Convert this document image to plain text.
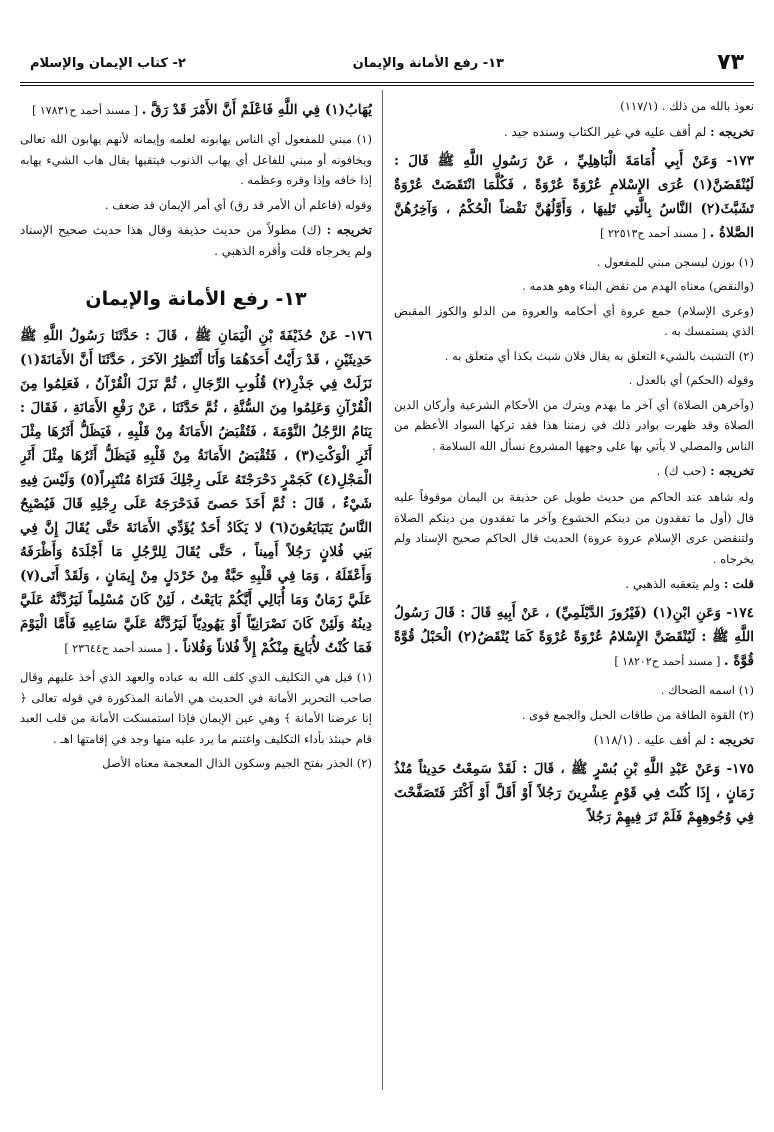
٧٣
١٣- رفع الأمانة والإيمان
٢- كتاب الإيمان والإسلام

نعوذ بالله من ذلك . (١١٧/١)

تخريجه : لم أقف عليه في غير الكتاب وسنده جيد .

١٧٣- وَعَنْ أَبِي أُمَامَةَ الْبَاهِلِيِّ ، عَنْ رَسُولِ اللَّهِ ﷺ قَالَ : لَيُنْقَضَنَّ(١) عُرَى الإِسْلامِ عُرْوَةً عُرْوَةً ، فَكُلَّمَا انْتَقَضَتْ عُرْوَةٌ تَشَبَّثَ(٢) النَّاسُ بِالَّتِي تَلِيهَا ، وَأَوَّلُهُنَّ نَقْضاً الْحُكْمُ ، وَآخِرُهُنَّ الصَّلاةُ . [ مسند أحمد ح٢٢٥١٣ ]

(١) بوزن ليسجن مبني للمفعول .

(والنقض) معناه الهدم من نقض البناء وهو هدمه .

(وعرى الإسلام) جمع عروة أي أحكامه والعروة من الدلو والكوز المقبض الذي يستمسك به .

(٢) التشبث بالشيء التعلق به يقال فلان شبث بكذا أي متعلق به .

وقوله (الحكم) أي بالعدل .

(وآخرهن الصلاة) أي آخر ما يهدم ويترك من الأحكام الشرعية وأركان الدين الصلاة وقد ظهرت بوادر ذلك في زمننا هذا فقد تركها السواد الأعظم من الناس والمصلي لا يأتي بها على وجهها المشروع نسأل الله السلامة .

تخريجه : (حب ك) .

وله شاهد عند الحاكم من حديث طويل عن حذيفة بن اليمان موقوفاً عليه قال (أول ما تفقدون من دينكم الخشوع وآخر ما تفقدون من دينكم الصلاة ولتنقضن عرى الإسلام عروة عروة) الحديث قال الحاكم صحيح الإسناد ولم يخرجاه .

قلت : ولم يتعقبه الذهبي .

١٧٤- وَعَنِ ابْنِ(١) (فَيْرُوزَ الدَّيْلَمِيِّ) ، عَنْ أَبِيهِ قَالَ : قَالَ رَسُولُ اللَّهِ ﷺ : لَيُنْقَضَنَّ الإِسْلامُ عُرْوَةً عُرْوَةً كَمَا يُنْقَضُ(٢) الْحَبْلُ قُوَّةً قُوَّةً . [ مسند أحمد ح١٨٢٠٢ ]

(١) اسمه الضحاك .

(٢) القوة الطاقة من طاقات الحبل والجمع قوى .

تخريجه : لم أقف عليه . (١١٨/١)

١٧٥- وَعَنْ عَبْدِ اللَّهِ بْنِ بُسْرٍ ﷺ ، قَالَ : لَقَدْ سَمِعْتُ حَدِيثاً مُنْذُ زَمَانٍ ، إِذَا كُنْتَ فِي قَوْمٍ عِشْرِينَ رَجُلاً أَوْ أَقَلَّ أَوْ أَكْثَرَ فَتَصَفَّحْتَ فِي وُجُوهِهِمْ فَلَمْ تَرَ فِيهِمْ رَجُلاً

يُهَابُ(١) فِي اللَّهِ فَاعْلَمْ أَنَّ الأَمْرَ قَدْ رَقَّ . [ مسند أحمد ح١٧٨٣١ ]

(١) مبني للمفعول أي الناس يهابونه لعلمه وإيمانه لأنهم يهابون الله تعالى ويخافونه أو مبني للفاعل أي يهاب الذنوب فيتقيها يقال هاب الشيء يهابه إذا خافه وإذا وقره وعظمه .

وقوله (فاعلم أن الأمر قد رق) أي أمر الإيمان قد ضعف .

تخريجه : (ك) مطولاً من حديث حذيفة وقال هذا حديث صحيح الإسناد ولم يخرجاه قلت وأقره الذهبي .

١٣- رفع الأمانة والإيمان

١٧٦- عَنْ حُذَيْفَةَ بْنِ الْيَمَانِ ﷺ ، قَالَ : حَدَّثَنَا رَسُولُ اللَّهِ ﷺ حَدِيثَيْنِ ، قَدْ رَأَيْتُ أَحَدَهُمَا وَأَنَا أَنْتَظِرُ الآخَرَ ، حَدَّثَنَا أَنَّ الأَمَانَةَ(١) نَزَلَتْ فِي جَذْرِ(٢) قُلُوبِ الرِّجَالِ ، ثُمَّ نَزَلَ الْقُرْآنُ ، فَعَلِمُوا مِنَ الْقُرْآنِ وَعَلِمُوا مِنَ السُّنَّةِ ، ثُمَّ حَدَّثَنَا ، عَنْ رَفْعِ الأَمَانَةِ ، فَقَالَ : يَنَامُ الرَّجُلُ النَّوْمَةَ ، فَتُقْبَضُ الأَمَانَةُ مِنْ قَلْبِهِ ، فَيَظَلُّ أَثَرُهَا مِثْلَ أَثَرِ الْوَكْتِ(٣) ، فَتُقْبَضُ الأَمَانَةُ مِنْ قَلْبِهِ فَيَظَلُّ أَثَرُهَا مِثْلَ أَثَرِ الْمَجْلِ(٤) كَجَمْرٍ دَحْرَجْتَهُ عَلَى رِجْلِكَ فَتَرَاهُ مُنْتَبِراً(٥) وَلَيْسَ فِيهِ شَيْءٌ ، قَالَ : ثُمَّ أَخَذَ حَصىً فَدَحْرَجَهُ عَلَى رِجْلِهِ قَالَ فَيُصْبِحُ النَّاسُ يَتَبَايَعُونَ(٦) لا يَكَادُ أَحَدٌ يُؤَدِّي الأَمَانَةَ حَتَّى يُقَالَ إِنَّ فِي بَنِي فُلانٍ رَجُلاً أَمِيناً ، حَتَّى يُقَالَ لِلرَّجُلِ مَا أَجْلَدَهُ وَأَظْرَفَهُ وَأَعْقَلَهُ ، وَمَا فِي قَلْبِهِ حَبَّةٌ مِنْ خَرْدَلٍ مِنْ إِيمَانٍ ، وَلَقَدْ أَتَى(٧) عَلَيَّ زَمَانٌ وَمَا أُبَالِي أَيَّكُمْ بَايَعْتُ ، لَئِنْ كَانَ مُسْلِماً لَيَرُدَّنَّهُ عَلَيَّ دِينُهُ وَلَئِنْ كَانَ نَصْرَانِيّاً أَوْ يَهُودِيّاً لَيَرُدَّنَّهُ عَلَيَّ سَاعِيهِ فَأَمَّا الْيَوْمَ فَمَا كُنْتُ لأُبَايِعَ مِنْكُمْ إِلاَّ فُلاناً وَفُلاناً . [ مسند أحمد ح٢٣٦٤٤ ]

(١) قيل هي التكليف الذي كلف الله به عباده والعهد الذي أخذ عليهم وقال صاحب التحرير الأمانة في الحديث هي الأمانة المذكورة في قوله تعالى ﴿ إنا عرضنا الأمانة ﴾ وهي عين الإيمان فإذا استمسكت الأمانة من قلب العبد قام حينئذ بأداء التكليف واغتنم ما يرد عليه منها وجد في إقامتها اهـ .

(٢) الجذر بفتح الجيم وسكون الذال المعجمة معناه الأصل
